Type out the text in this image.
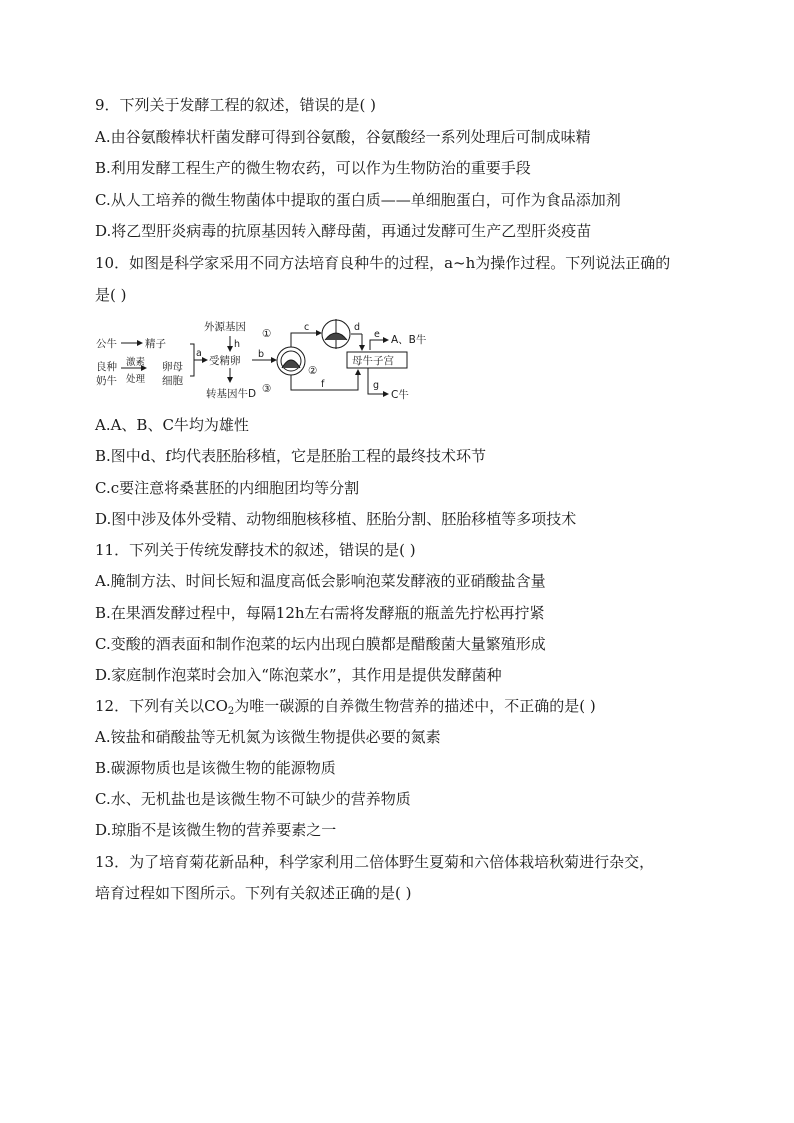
9．下列关于发酵工程的叙述，错误的是( )
A.由谷氨酸棒状杆菌发酵可得到谷氨酸，谷氨酸经一系列处理后可制成味精
B.利用发酵工程生产的微生物农药，可以作为生物防治的重要手段
C.从人工培养的微生物菌体中提取的蛋白质——单细胞蛋白，可作为食品添加剂
D.将乙型肝炎病毒的抗原基因转入酵母菌，再通过发酵可生产乙型肝炎疫苗
10．如图是科学家采用不同方法培育良种牛的过程，a~h为操作过程。下列说法正确的
是( )
公牛	精子
良种
奶牛
激素
处理
卵母
细胞
a
外源基因
h
受精卵
转基因牛D
b
①
②
③
c	d
e A、B牛
母牛子宫
f	g
C牛
A.A、B、C牛均为雄性
B.图中d、f均代表胚胎移植，它是胚胎工程的最终技术环节
C.c要注意将桑葚胚的内细胞团均等分割
D.图中涉及体外受精、动物细胞核移植、胚胎分割、胚胎移植等多项技术
11．下列关于传统发酵技术的叙述，错误的是( )
A.腌制方法、时间长短和温度高低会影响泡菜发酵液的亚硝酸盐含量
B.在果酒发酵过程中，每隔12h左右需将发酵瓶的瓶盖先拧松再拧紧
C.变酸的酒表面和制作泡菜的坛内出现白膜都是醋酸菌大量繁殖形成
D.家庭制作泡菜时会加入“陈泡菜水”，其作用是提供发酵菌种
12．下列有关以$CO_2$为唯一碳源的自养微生物营养的描述中，不正确的是( )
A.铵盐和硝酸盐等无机氮为该微生物提供必要的氮素
B.碳源物质也是该微生物的能源物质
C.水、无机盐也是该微生物不可缺少的营养物质
D.琼脂不是该微生物的营养要素之一
13．为了培育菊花新品种，科学家利用二倍体野生夏菊和六倍体栽培秋菊进行杂交，
培育过程如下图所示。下列有关叙述正确的是( )
